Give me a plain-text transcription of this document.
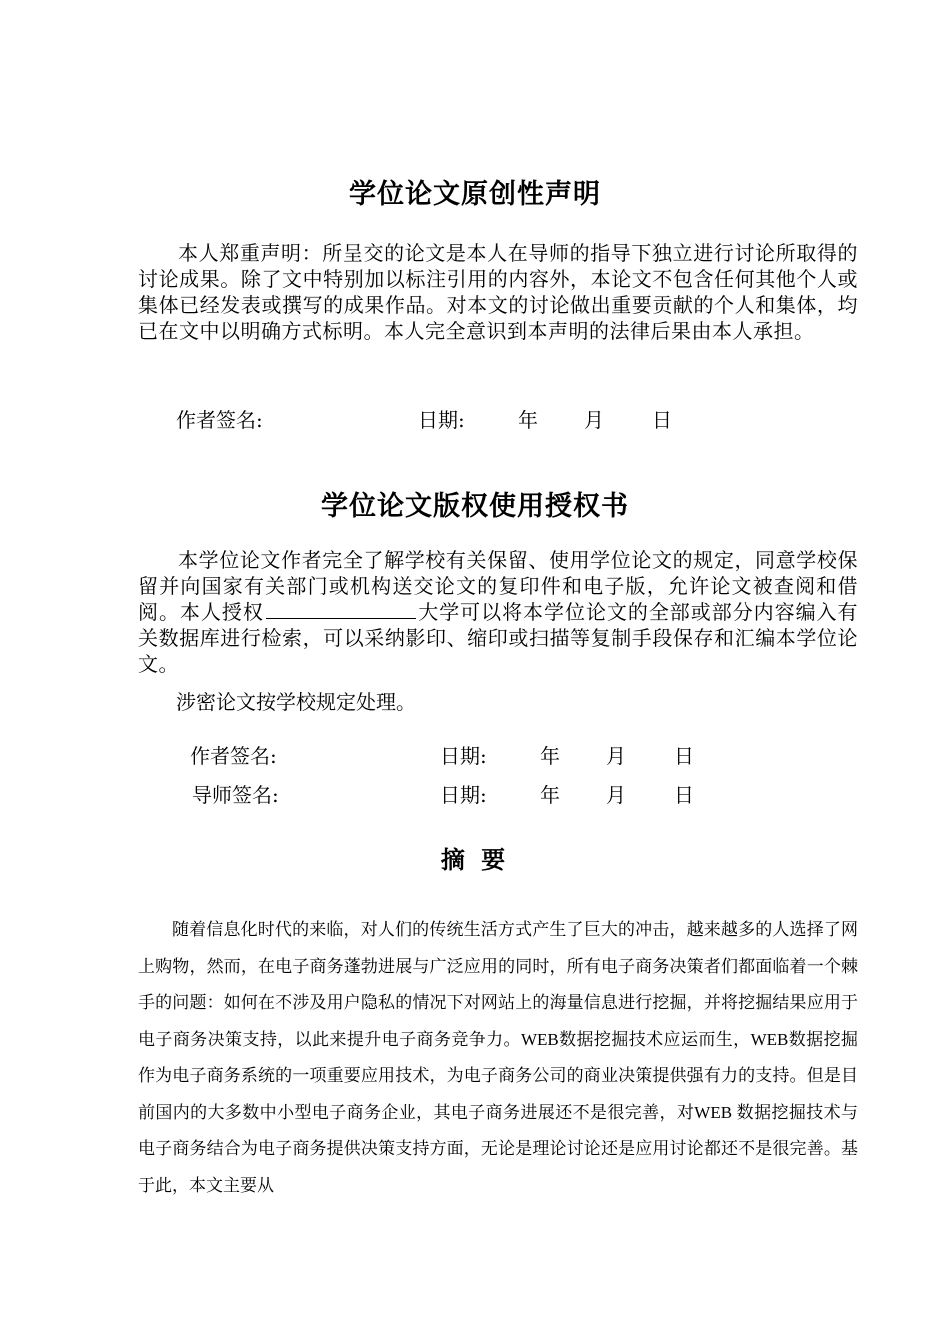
学位论文原创性声明

本人郑重声明：所呈交的论文是本人在导师的指导下独立进行讨论所取得的讨论成果。除了文中特别加以标注引用的内容外，本论文不包含任何其他个人或集体已经发表或撰写的成果作品。对本文的讨论做出重要贡献的个人和集体，均已在文中以明确方式标明。本人完全意识到本声明的法律后果由本人承担。

作者签名:	日期:	年 月 日
学位论文版权使用授权书

本学位论文作者完全了解学校有关保留、使用学位论文的规定，同意学校保留并向国家有关部门或机构送交论文的复印件和电子版，允许论文被查阅和借阅。本人授权	大学可以将本学位论文的全部或部分内容编入有关数据库进行检索，可以采纳影印、缩印或扫描等复制手段保存和汇编本学位论文。

涉密论文按学校规定处理。
作者签名:	日期:	年 月 日
导师签名:	日期:	年 月 日
摘 要

随着信息化时代的来临，对人们的传统生活方式产生了巨大的冲击，越来越多的人选择了网上购物，然而，在电子商务蓬勃进展与广泛应用的同时，所有电子商务决策者们都面临着一个棘手的问题：如何在不涉及用户隐私的情况下对网站上的海量信息进行挖掘，并将挖掘结果应用于电子商务决策支持，以此来提升电子商务竞争力。WEB数据挖掘技术应运而生，WEB数据挖掘作为电子商务系统的一项重要应用技术，为电子商务公司的商业决策提供强有力的支持。但是目前国内的大多数中小型电子商务企业，其电子商务进展还不是很完善，对WEB 数据挖掘技术与电子商务结合为电子商务提供决策支持方面，无论是理论讨论还是应用讨论都还不是很完善。基于此，本文主要从
